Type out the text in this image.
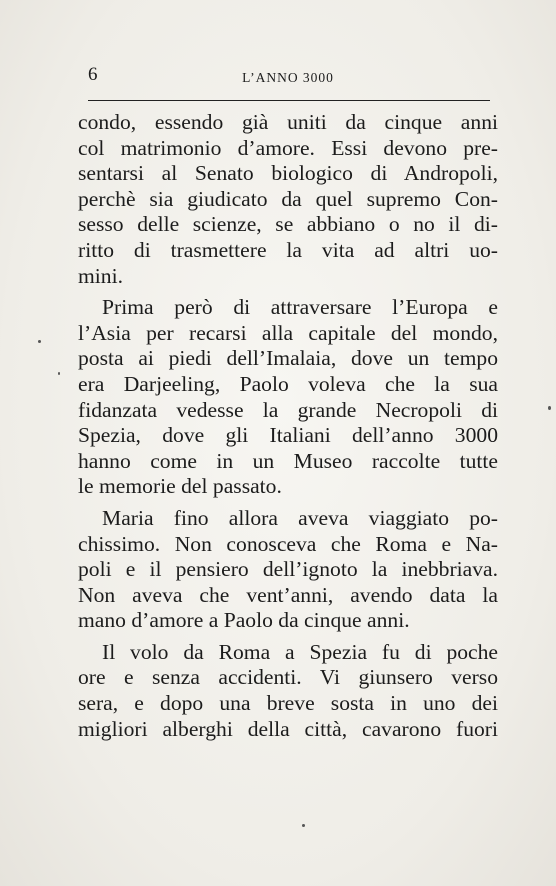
6	L’ANNO 3000

condo, essendo già uniti da cinque anni
col matrimonio d’amore. Essi devono pre-
sentarsi al Senato biologico di Andropoli,
perchè sia giudicato da quel supremo Con-
sesso delle scienze, se abbiano o no il di-
ritto di trasmettere la vita ad altri uo-
mini.

Prima però di attraversare l’Europa e
l’Asia per recarsi alla capitale del mondo,
posta ai piedi dell’Imalaia, dove un tempo
era Darjeeling, Paolo voleva che la sua
fidanzata vedesse la grande Necropoli di
Spezia, dove gli Italiani dell’anno 3000
hanno come in un Museo raccolte tutte
le memorie del passato.

Maria fino allora aveva viaggiato po-
chissimo. Non conosceva che Roma e Na-
poli e il pensiero dell’ignoto la inebbriava.
Non aveva che vent’anni, avendo data la
mano d’amore a Paolo da cinque anni.

Il volo da Roma a Spezia fu di poche
ore e senza accidenti. Vi giunsero verso
sera, e dopo una breve sosta in uno dei
migliori alberghi della città, cavarono fuori
